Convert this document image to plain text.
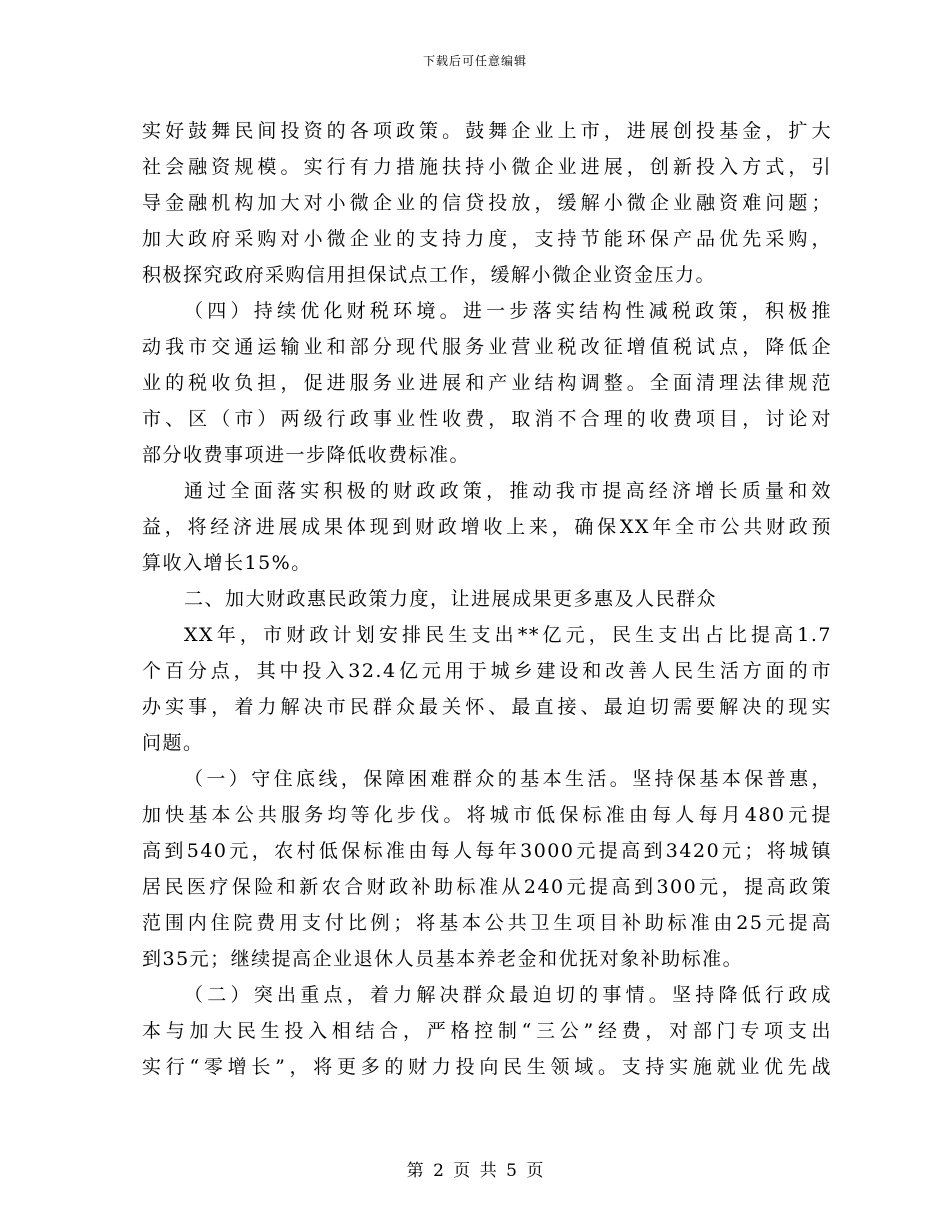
下载后可任意编辑
实好鼓舞民间投资的各项政策。鼓舞企业上市，进展创投基金，扩大
社会融资规模。实行有力措施扶持小微企业进展，创新投入方式，引
导金融机构加大对小微企业的信贷投放，缓解小微企业融资难问题；
加大政府采购对小微企业的支持力度，支持节能环保产品优先采购，
积极探究政府采购信用担保试点工作，缓解小微企业资金压力。
（四）持续优化财税环境。进一步落实结构性减税政策，积极推
动我市交通运输业和部分现代服务业营业税改征增值税试点，降低企
业的税收负担，促进服务业进展和产业结构调整。全面清理法律规范
市、区（市）两级行政事业性收费，取消不合理的收费项目，讨论对
部分收费事项进一步降低收费标准。
通过全面落实积极的财政政策，推动我市提高经济增长质量和效
益，将经济进展成果体现到财政增收上来，确保XX年全市公共财政预
算收入增长15%。
二、加大财政惠民政策力度，让进展成果更多惠及人民群众
XX年，市财政计划安排民生支出**亿元，民生支出占比提高1.7
个百分点，其中投入32.4亿元用于城乡建设和改善人民生活方面的市
办实事，着力解决市民群众最关怀、最直接、最迫切需要解决的现实
问题。
（一）守住底线，保障困难群众的基本生活。坚持保基本保普惠，
加快基本公共服务均等化步伐。将城市低保标准由每人每月480元提
高到540元，农村低保标准由每人每年3000元提高到3420元；将城镇
居民医疗保险和新农合财政补助标准从240元提高到300元，提高政策
范围内住院费用支付比例；将基本公共卫生项目补助标准由25元提高
到35元；继续提高企业退休人员基本养老金和优抚对象补助标准。
（二）突出重点，着力解决群众最迫切的事情。坚持降低行政成
本与加大民生投入相结合，严格控制“三公”经费，对部门专项支出
实行“零增长”，将更多的财力投向民生领域。支持实施就业优先战
第 2 页 共 5 页
